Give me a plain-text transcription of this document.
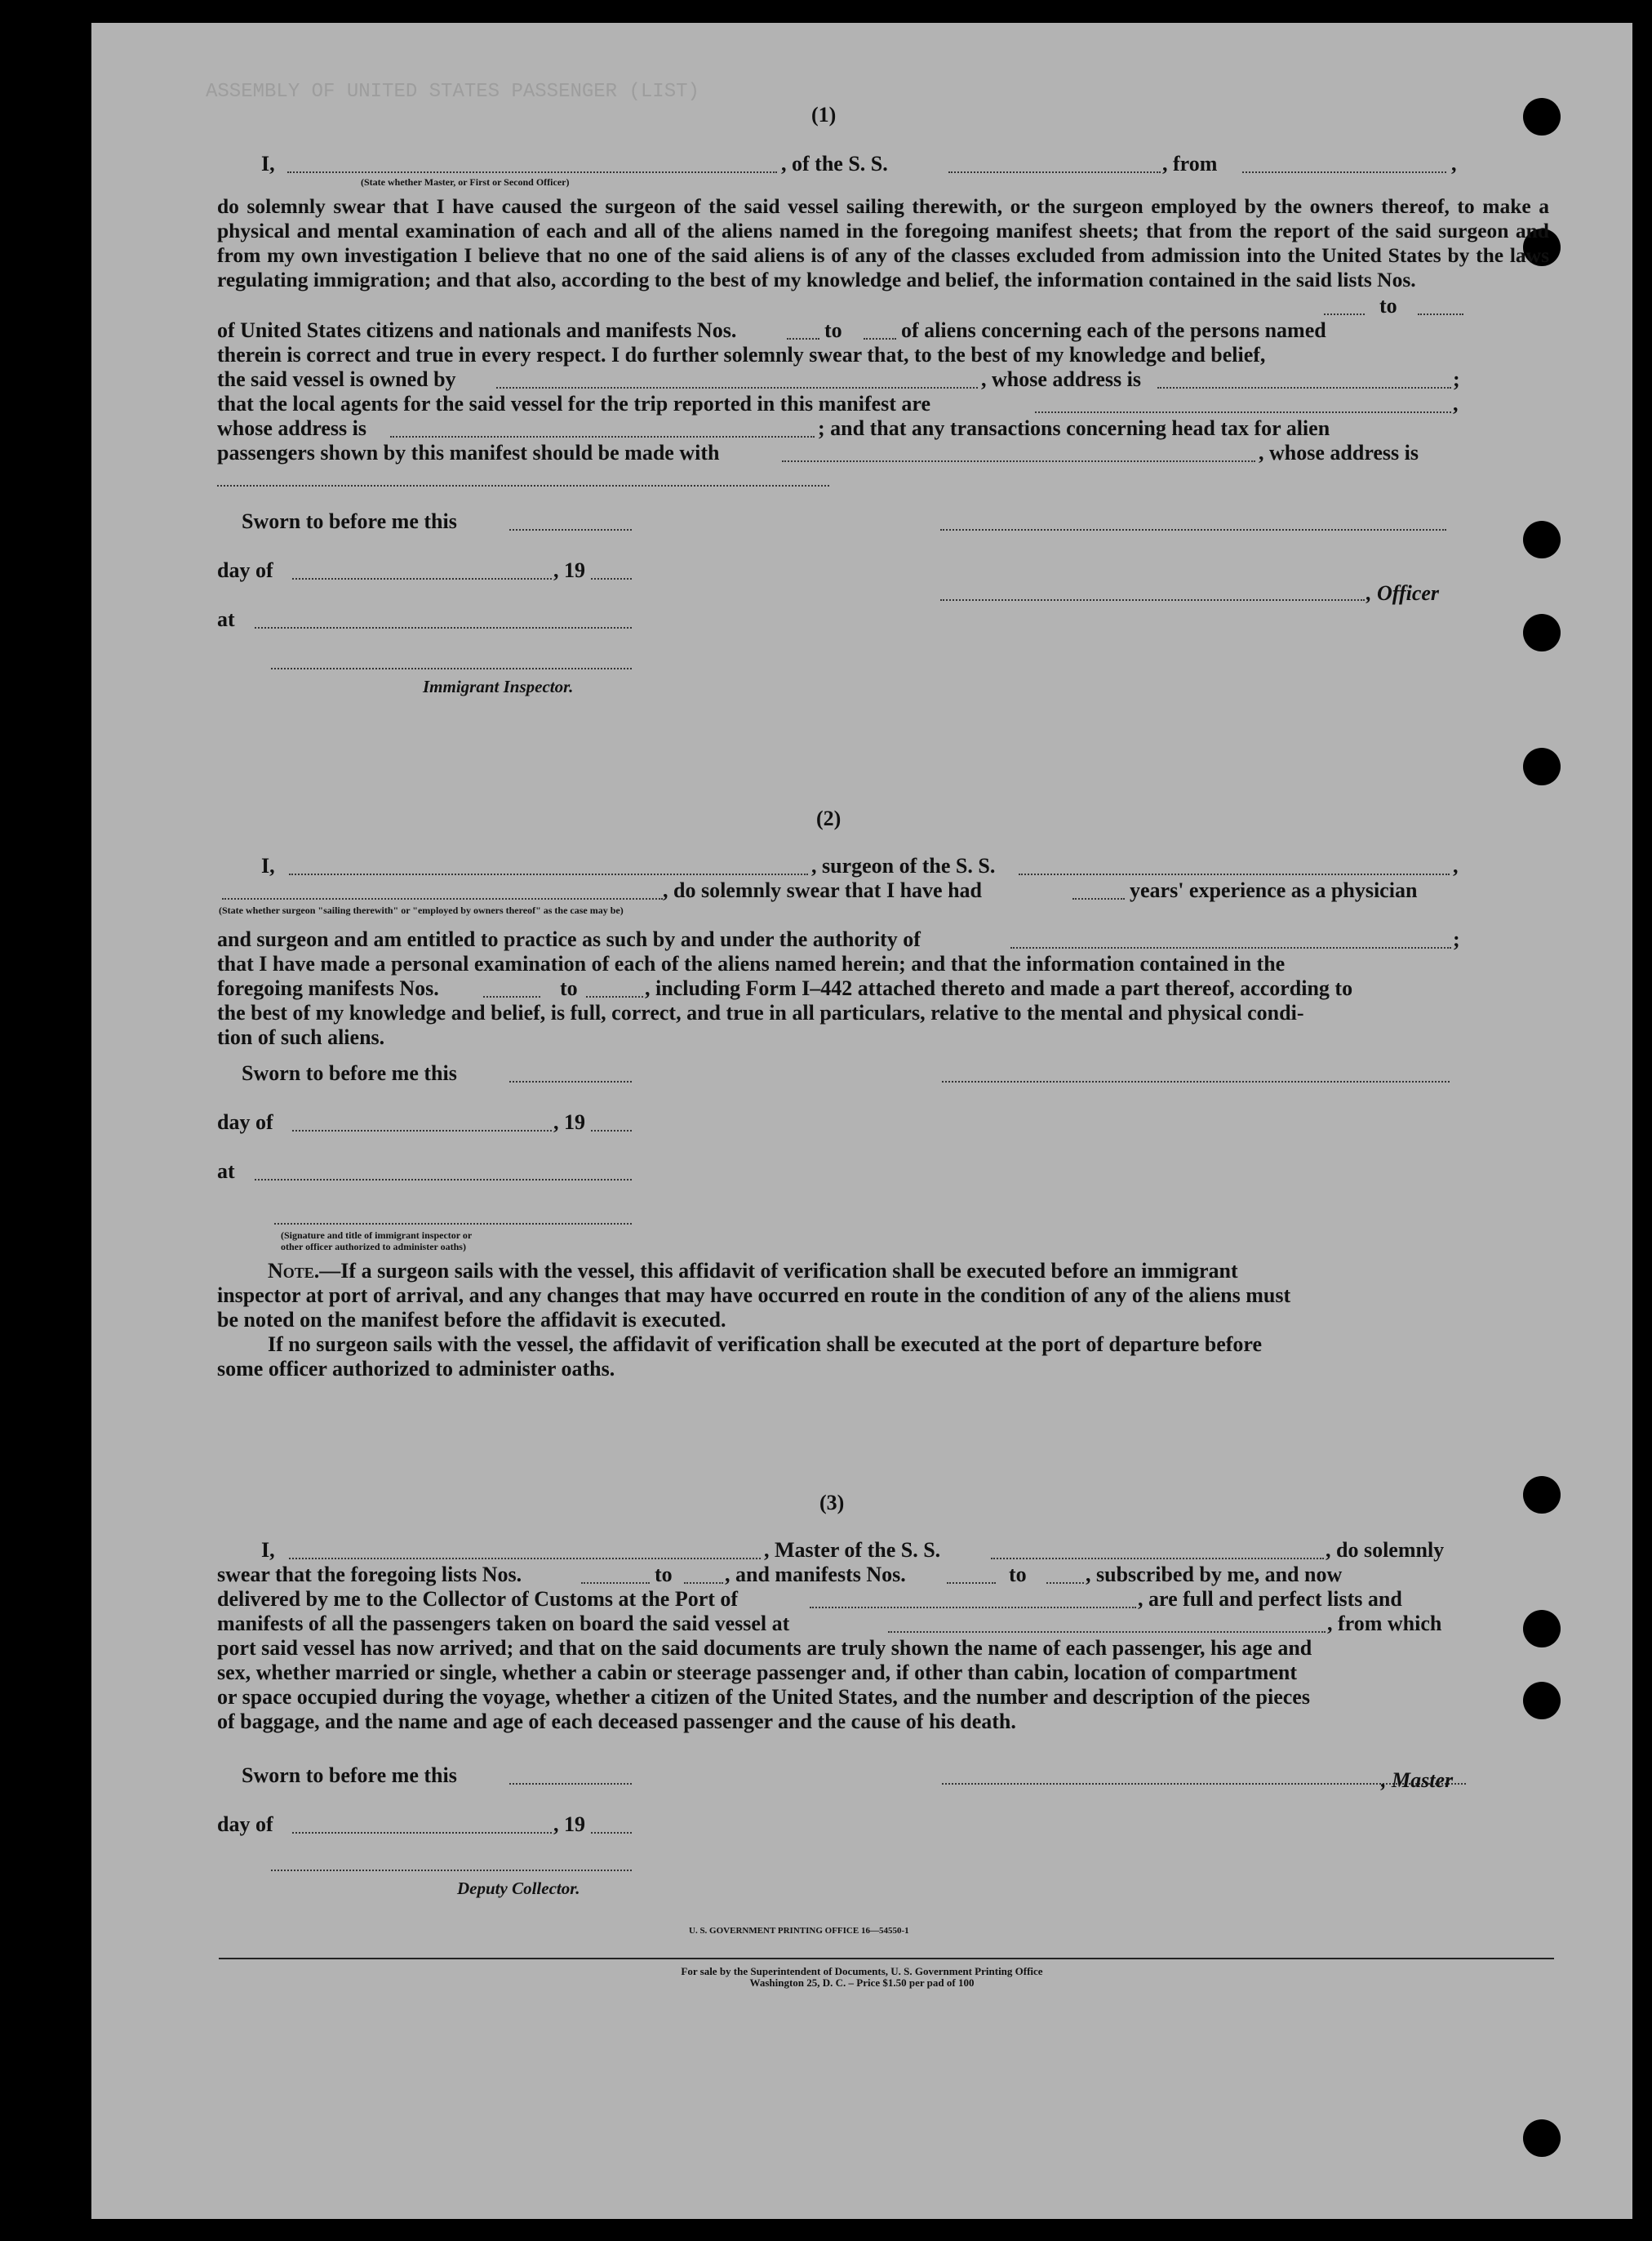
ASSEMBLY OF UNITED STATES PASSENGER (LIST)
(1)
I,	, of the S. S.	, from	,
(State whether Master, or First or Second Officer)
do solemnly swear that I have caused the surgeon of the said vessel sailing therewith, or the surgeon employed by the owners thereof, to make a physical and mental examination of each and all of the aliens named in the foregoing manifest sheets; that from the report of the said surgeon and from my own investigation I believe that no one of the said aliens is of any of the classes excluded from admission into the United States by the laws regulating immigration; and that also, according to the best of my knowledge and belief, the information contained in the said lists Nos.
to
of United States citizens and nationals and manifests Nos.	to	of aliens concerning each of the persons named
therein is correct and true in every respect. I do further solemnly swear that, to the best of my knowledge and belief,
the said vessel is owned by	, whose address is	;
that the local agents for the said vessel for the trip reported in this manifest are	,
whose address is	; and that any transactions concerning head tax for alien
passengers shown by this manifest should be made with	, whose address is
Sworn to before me this
day of	, 19
, Officer
at
Immigrant Inspector.
(2)
I,	, surgeon of the S. S.	,
, do solemnly swear that I have had	years' experience as a physician
(State whether surgeon "sailing therewith" or "employed by owners thereof" as the case may be)
and surgeon and am entitled to practice as such by and under the authority of	;
that I have made a personal examination of each of the aliens named herein; and that the information contained in the
foregoing manifests Nos.	to	, including Form I–442 attached thereto and made a part thereof, according to
the best of my knowledge and belief, is full, correct, and true in all particulars, relative to the mental and physical condi-
tion of such aliens.
Sworn to before me this
day of	, 19
at
(Signature and title of immigrant inspector or
other officer authorized to administer oaths)
Note.—If a surgeon sails with the vessel, this affidavit of verification shall be executed before an immigrant
inspector at port of arrival, and any changes that may have occurred en route in the condition of any of the aliens must
be noted on the manifest before the affidavit is executed.
If no surgeon sails with the vessel, the affidavit of verification shall be executed at the port of departure before
some officer authorized to administer oaths.
(3)
I,	, Master of the S. S.	, do solemnly
swear that the foregoing lists Nos.	to , and manifests Nos.	to	, subscribed by me, and now
delivered by me to the Collector of Customs at the Port of	, are full and perfect lists and
manifests of all the passengers taken on board the said vessel at	, from which
port said vessel has now arrived; and that on the said documents are truly shown the name of each passenger, his age and
sex, whether married or single, whether a cabin or steerage passenger and, if other than cabin, location of compartment
or space occupied during the voyage, whether a citizen of the United States, and the number and description of the pieces
of baggage, and the name and age of each deceased passenger and the cause of his death.
Sworn to before me this	, Master
day of	, 19
Deputy Collector.
U. S. GOVERNMENT PRINTING OFFICE 16—54550-1
For sale by the Superintendent of Documents, U. S. Government Printing Office
Washington 25, D. C. – Price $1.50 per pad of 100
